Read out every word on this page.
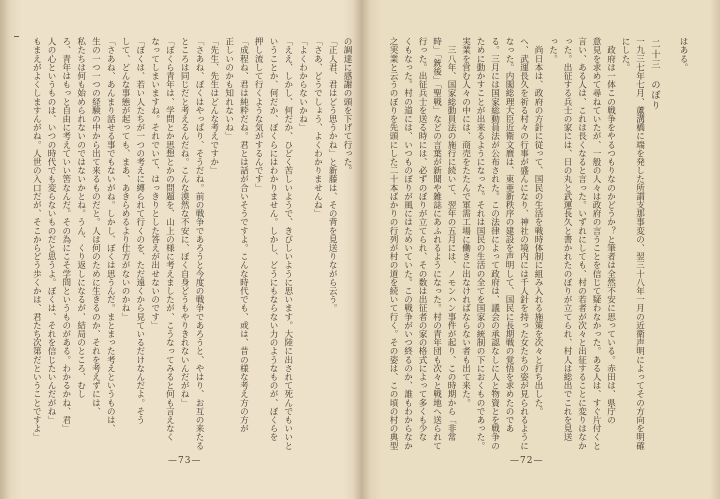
の調達に感謝の頭を下げて行った。
「正人君、君はどう思うかね」と新藤は、その背を見送りながら云う。
「さあ、どうでしょう、よくわかりませんね」
「よくわからないかね」
「ええ、しかし、何だか、ひどく苦しいようで、きびしいように思います。大陸に出されて死んでもいいと
いうことか、何だか、ぼくらにはわかりません。しかし、どうにもならない力のようなものが、ぼくらを
押し流して行くような気がするんです」
「成程ね、君は純粋だね。君とは話が合いそうですよ。こんな時代でも、或は、昔の様な考え方の方が
正しいのかも知れないね」
「先生、先生はどんな考えですか」
「さあね、ぼくはやっぱり、そうだね。前の戦争であろうと今度の戦争であろうと、やはり、お互の来たる
ところは同じだと考えるんだね。こんな漠然な不安に、ぼく自身どうもやりきれないんだがね」
「ぼくら青年は、学問とか思想とかの問題を、山上の様に考えましたが、こうなってみると何も言えなく
なってしまいますね。それでいて、はっきりとした答えが出せないのです」
「ぼくは、若い人たちが一つの考えに縛られて行くのを、ただ遠くから見ているだけなんだよ。そう
して、どんな事態が起っても、まあ、あきらめるより仕方がないのかね」
「さあね、あんまり話せる事でもないがね。しかし、ぼくは思うんだ。まとまった考えというものは、
生の一つ一つの経験の中から出て来るものだと。人は何のために生きるのか、それを考えずには、
私たちは何も始められないのではないかとね。うん、くり返しになるが、結局のところ、むし
ろ、青年はもっと自由に考えていい筈なんだ。その為にこそ学問というものがある。わかるかね、君」
人の心というものは、いつの時代でも変らないものだと思うよ。ぼくは、それを信じたいんだがね」
もまえがよくしますんがね。人世の入口だが、そこからどう歩くかは、君たち次第だということですよ」
—73—
はある。
二十三　のぼり
一九三七年七月、蘆溝橋に端を発した所謂支那事変の、翌三十八年一月の近衛声明によってその方向を明確
にした。
　政府は一体この戦争をやるつもりなのかどうか？と筆者は全然不安に思っている。赤田は、県庁の
意見を求めて尋ねていたが、一般の人々は政府の言うことを信じて疑わなかった。ある人は、すぐ片付くと
言い、ある人は、これは長くなると言った。いずれにしても、村の若者が次々と出征することに変りはなか
った。出征する兵士の家には、日の丸と武運長久と書かれたのぼりが立てられ、村人は総出でこれを見送
った。
　尚日本は、政府の方針に従って、国民の生活を戦時体制に組み入れる施策を次々と打ち出した。
へ、武運長久を祈る村々の行事が盛んになり、神社の境内には千人針を持った女たちの姿が見られるように
なった。内閣総理大臣近衛文麿は、東亜新秩序の建設を声明して、国民に長期戦の覚悟を求めたのであ
る。三月には国家総動員法が公布された。この法律によって政府は、議会の承認なしに人と物資とを戦争の
ために動かすことが出来るようになった。それは国民の生活の全てを国家の統制の下におくものであった。
実業を営む人々の中には、商売をたたんで軍需工場に働きに出なければならない者も出て来た。
　三八年、国家総動員法の施行に続いて、翌年の五月には、ノモンハン事件が起り、この時期から「非常
時」「銃後」「聖戦」などの言葉が新聞や雑誌にあふれるようになった。村の青年団も次々と戦地へ送られて
行った。出征兵士を送る時には、必ずのぼりが立てられ、その数は出征者の家の格式によって多くも少な
くもなった。村の道には、いつものぼりが風にはためいていた。この戦争がいつ終るのか、誰もわからなか
之実業と云うのぼりを先頭にした二十本ばかりの行列が村の道を続いて行く。その姿は、この頃の村の典型
—72—
